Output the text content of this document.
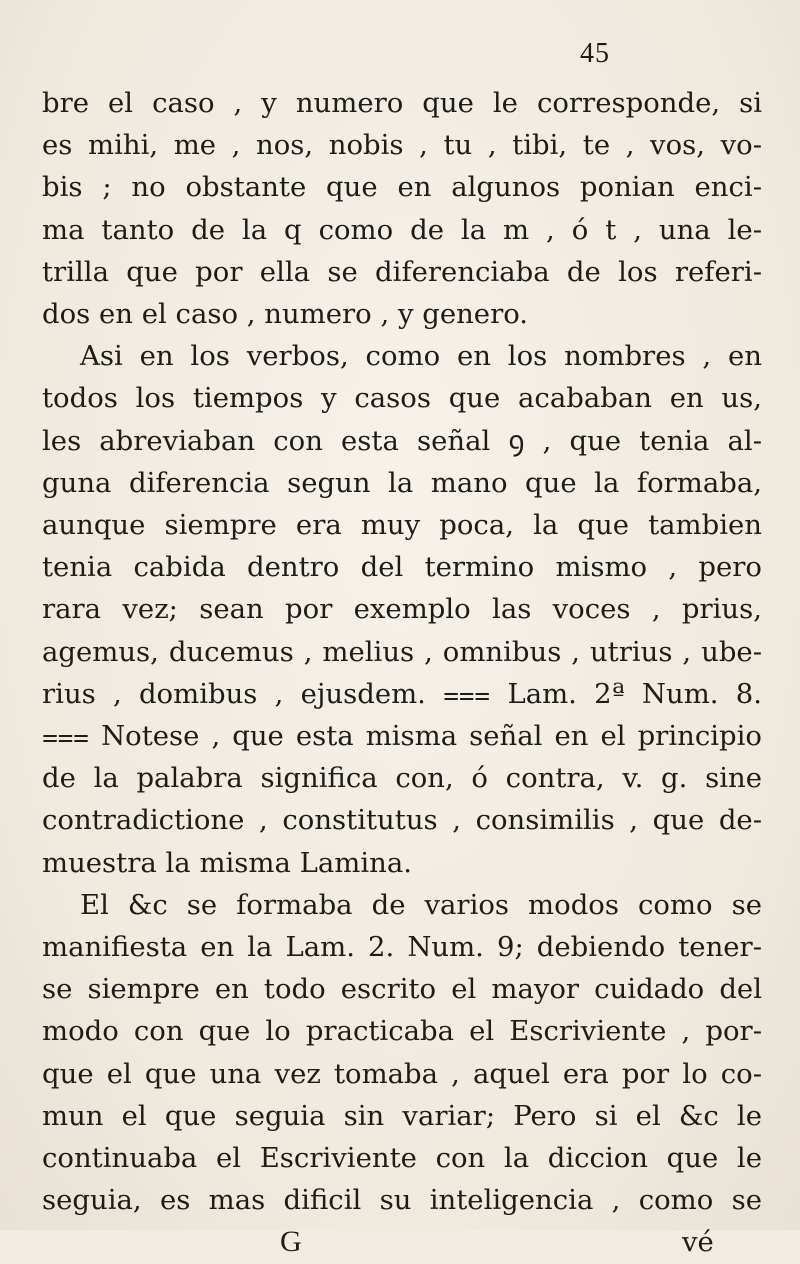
45
bre el caso , y numero que le corresponde, si
es mihi, me , nos, nobis , tu , tibi, te , vos, vo-
bis ; no obstante que en algunos ponian enci-
ma tanto de la q como de la m , ó t , una le-
trilla que por ella se diferenciaba de los referi-
dos en el caso , numero , y genero.
Asi en los verbos, como en los nombres , en
todos los tiempos y casos que acababan en us,
les abreviaban con esta señal ꝯ , que tenia al-
guna diferencia segun la mano que la formaba,
aunque siempre era muy poca, la que tambien
tenia cabida dentro del termino mismo , pero
rara vez; sean por exemplo las voces , prius,
agemus, ducemus , melius , omnibus , utrius , ube-
rius , domibus , ejusdem. ⩶ Lam. 2ª Num. 8.
⩶ Notese , que esta misma señal en el principio
de la palabra significa con, ó contra, v. g. sine
contradictione , constitutus , consimilis , que de-
muestra la misma Lamina.
El &c se formaba de varios modos como se
manifiesta en la Lam. 2. Num. 9; debiendo tener-
se siempre en todo escrito el mayor cuidado del
modo con que lo practicaba el Escriviente , por-
que el que una vez tomaba , aquel era por lo co-
mun el que seguia sin variar; Pero si el &c le
continuaba el Escriviente con la diccion que le
seguia, es mas dificil su inteligencia , como se
G	vé
